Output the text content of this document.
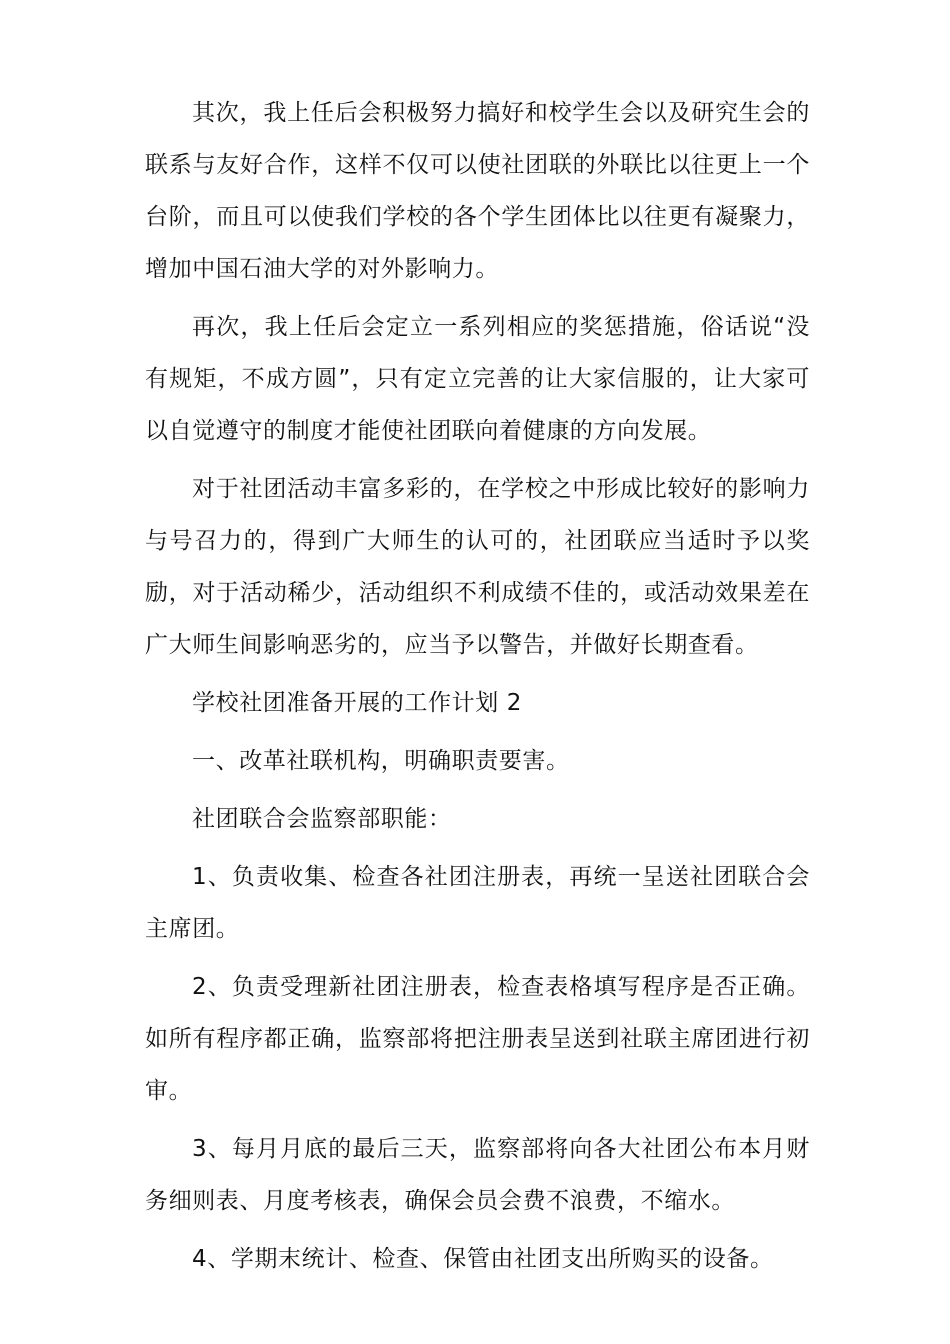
其次，我上任后会积极努力搞好和校学生会以及研究生会的联系与友好合作，这样不仅可以使社团联的外联比以往更上一个台阶，而且可以使我们学校的各个学生团体比以往更有凝聚力，增加中国石油大学的对外影响力。

再次，我上任后会定立一系列相应的奖惩措施，俗话说“没有规矩，不成方圆”，只有定立完善的让大家信服的，让大家可以自觉遵守的制度才能使社团联向着健康的方向发展。

对于社团活动丰富多彩的，在学校之中形成比较好的影响力与号召力的，得到广大师生的认可的，社团联应当适时予以奖励，对于活动稀少，活动组织不利成绩不佳的，或活动效果差在广大师生间影响恶劣的，应当予以警告，并做好长期查看。

学校社团准备开展的工作计划 2

一、改革社联机构，明确职责要害。

社团联合会监察部职能：

1、负责收集、检查各社团注册表，再统一呈送社团联合会主席团。

2、负责受理新社团注册表，检查表格填写程序是否正确。如所有程序都正确，监察部将把注册表呈送到社联主席团进行初审。

3、每月月底的最后三天，监察部将向各大社团公布本月财务细则表、月度考核表，确保会员会费不浪费，不缩水。

4、学期末统计、检查、保管由社团支出所购买的设备。
